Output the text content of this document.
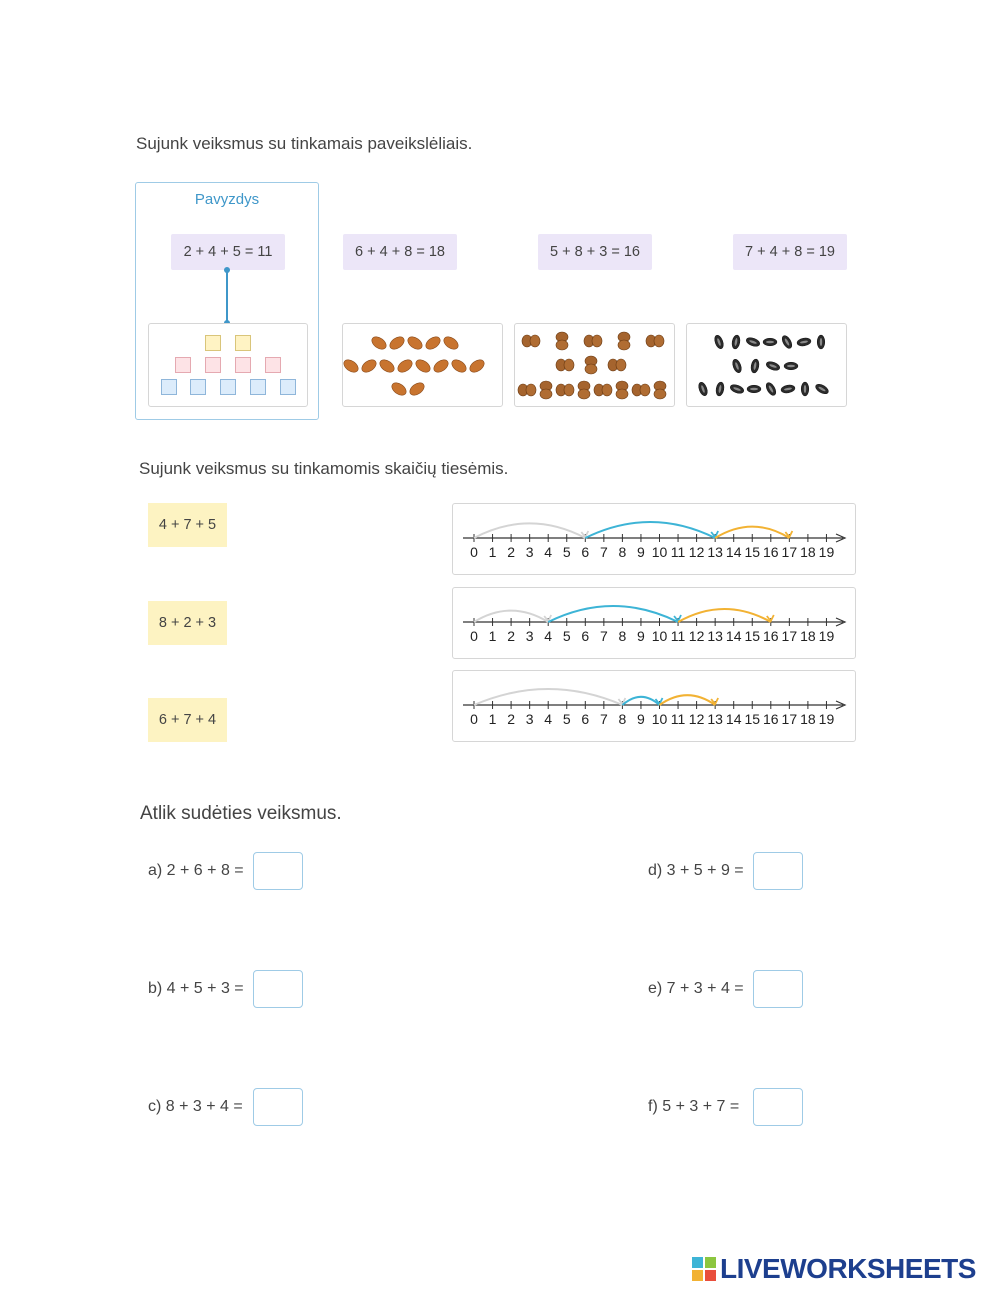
Sujunk veiksmus su tinkamais paveikslėliais.
Pavyzdys
2 + 4 + 5 = 11	6 + 4 + 8 = 18	5 + 8 + 3 = 16	7 + 4 + 8 = 19
Sujunk veiksmus su tinkamomis skaičių tiesėmis.
4 + 7 + 5
8 + 2 + 3
6 + 7 + 4
0 1 2 3 4 5 6 7 8 9 10 11 12 13 14 15 16 17 18 19
0 1 2 3 4 5 6 7 8 9 10 11 12 13 14 15 16 17 18 19
0 1 2 3 4 5 6 7 8 9 10 11 12 13 14 15 16 17 18 19
Atlik sudėties veiksmus.
a) 2 + 6 + 8 =
b) 4 + 5 + 3 =
c) 8 + 3 + 4 =
d) 3 + 5 + 9 =
e) 7 + 3 + 4 =
f) 5 + 3 + 7 =
LIVEWORKSHEETS
